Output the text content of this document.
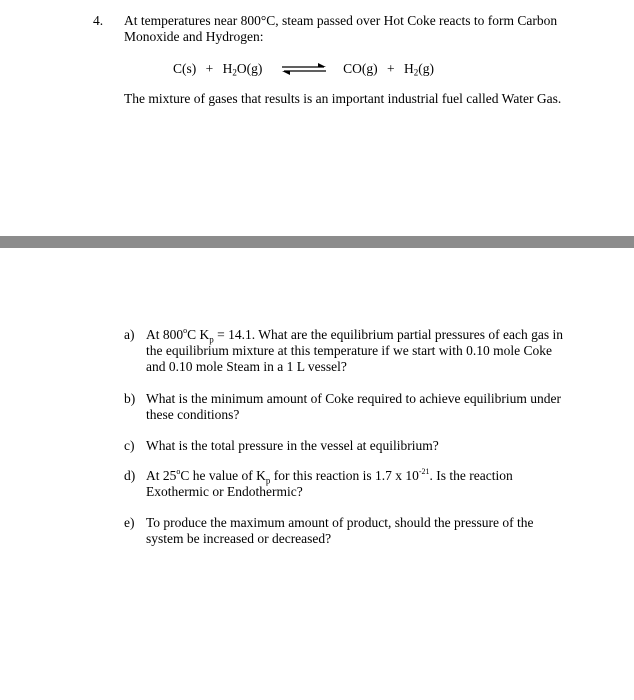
4. At temperatures near 800°C, steam passed over Hot Coke reacts to form Carbon Monoxide and Hydrogen:
$C(s) + H_2O(g)$ ⇌ $CO(g) + H_2(g)$
The mixture of gases that results is an important industrial fuel called Water Gas.
a) At 800$^o$C $K_p = 14.1$. What are the equilibrium partial pressures of each gas in the equilibrium mixture at this temperature if we start with 0.10 mole Coke and 0.10 mole Steam in a 1 L vessel?
b) What is the minimum amount of Coke required to achieve equilibrium under these conditions?
c) What is the total pressure in the vessel at equilibrium?
d) At 25$^o$C he value of $K_p$ for this reaction is 1.7 x $10^{-21}$. Is the reaction Exothermic or Endothermic?
e) To produce the maximum amount of product, should the pressure of the system be increased or decreased?
